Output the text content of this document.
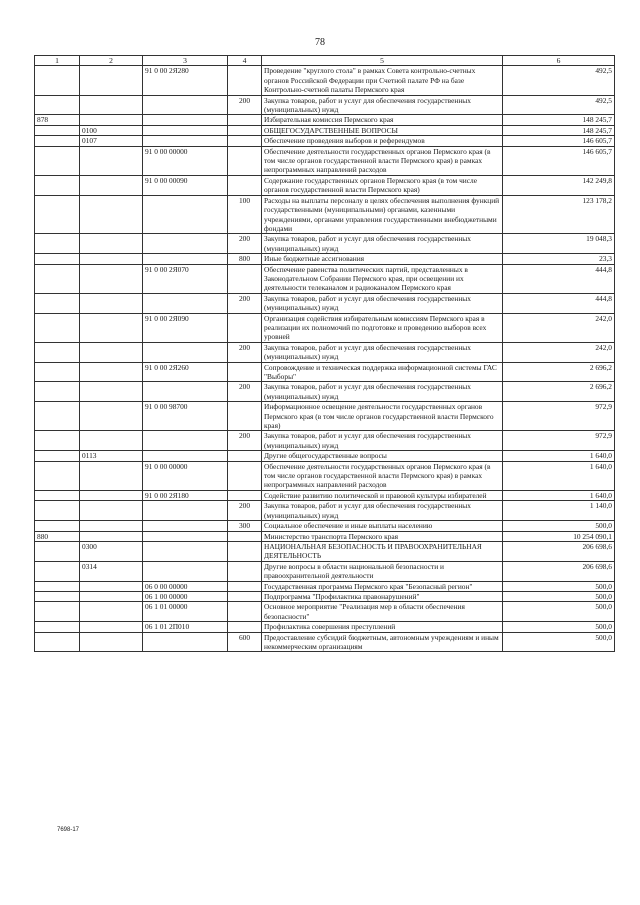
78
1	2	3	4	5	6
		91 0 00 2Я280		Проведение "круглого стола" в рамках Совета контрольно-счетных органов Российской Федерации при Счетной палате РФ на базе Контрольно-счетной палаты Пермского края	492,5
			200	Закупка товаров, работ и услуг для обеспечения государственных (муниципальных) нужд	492,5
878				Избирательная комиссия Пермского края	148 245,7
	0100			ОБЩЕГОСУДАРСТВЕННЫЕ ВОПРОСЫ	148 245,7
	0107			Обеспечение проведения выборов и референдумов	146 605,7
		91 0 00 00000		Обеспечение деятельности государственных органов Пермского края (в том числе органов государственной власти Пермского края) в рамках непрограммных направлений расходов	146 605,7
		91 0 00 00090		Содержание государственных органов Пермского края (в том числе органов государственной власти Пермского края)	142 249,8
			100	Расходы на выплаты персоналу в целях обеспечения выполнения функций государственными (муниципальными) органами, казенными учреждениями, органами управления государственными внебюджетными фондами	123 178,2
			200	Закупка товаров, работ и услуг для обеспечения государственных (муниципальных) нужд	19 048,3
			800	Иные бюджетные ассигнования	23,3
		91 0 00 2Я070		Обеспечение равенства политических партий, представленных в Законодательном Собрании Пермского края, при освещении их деятельности телеканалом и радиоканалом Пермского края	444,8
			200	Закупка товаров, работ и услуг для обеспечения государственных (муниципальных) нужд	444,8
		91 0 00 2Я090		Организация содействия избирательным комиссиям Пермского края в реализации их полномочий по подготовке и проведению выборов всех уровней	242,0
			200	Закупка товаров, работ и услуг для обеспечения государственных (муниципальных) нужд	242,0
		91 0 00 2Я260		Сопровождение и техническая поддержка информационной системы ГАС "Выборы"	2 696,2
			200	Закупка товаров, работ и услуг для обеспечения государственных (муниципальных) нужд	2 696,2
		91 0 00 98700		Информационное освещение деятельности государственных органов Пермского края (в том числе органов государственной власти Пермского края)	972,9
			200	Закупка товаров, работ и услуг для обеспечения государственных (муниципальных) нужд	972,9
	0113			Другие общегосударственные вопросы	1 640,0
		91 0 00 00000		Обеспечение деятельности государственных органов Пермского края (в том числе органов государственной власти Пермского края) в рамках непрограммных направлений расходов	1 640,0
		91 0 00 2Я180		Содействие развитию политической и правовой культуры избирателей	1 640,0
			200	Закупка товаров, работ и услуг для обеспечения государственных (муниципальных) нужд	1 140,0
			300	Социальное обеспечение и иные выплаты населению	500,0
880				Министерство транспорта Пермского края	10 254 090,1
	0300			НАЦИОНАЛЬНАЯ БЕЗОПАСНОСТЬ И ПРАВООХРАНИТЕЛЬНАЯ ДЕЯТЕЛЬНОСТЬ	206 698,6
	0314			Другие вопросы в области национальной безопасности и правоохранительной деятельности	206 698,6
		06 0 00 00000		Государственная программа Пермского края "Безопасный регион"	500,0
		06 1 00 00000		Подпрограмма "Профилактика правонарушений"	500,0
		06 1 01 00000		Основное мероприятие "Реализация мер в области обеспечения безопасности"	500,0
		06 1 01 2П010		Профилактика совершения преступлений	500,0
			600	Предоставление субсидий бюджетным, автономным учреждениям и иным некоммерческим организациям	500,0
7698-17
